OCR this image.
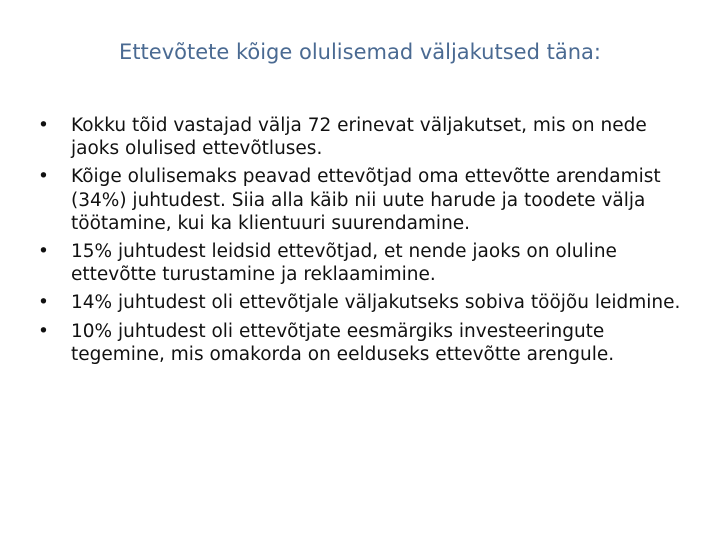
Ettevõtete kõige olulisemad väljakutsed täna:
• Kokku tõid vastajad välja 72 erinevat väljakutset, mis on nede jaoks olulised ettevõtluses.
• Kõige olulisemaks peavad ettevõtjad oma ettevõtte arendamist (34%) juhtudest. Siia alla käib nii uute harude ja toodete välja töötamine, kui ka klientuuri suurendamine.
• 15% juhtudest leidsid ettevõtjad, et nende jaoks on oluline ettevõtte turustamine ja reklaamimine.
• 14% juhtudest oli ettevõtjale väljakutseks sobiva tööjõu leidmine.
• 10% juhtudest oli ettevõtjate eesmärgiks investeeringute tegemine, mis omakorda on eelduseks ettevõtte arengule.
